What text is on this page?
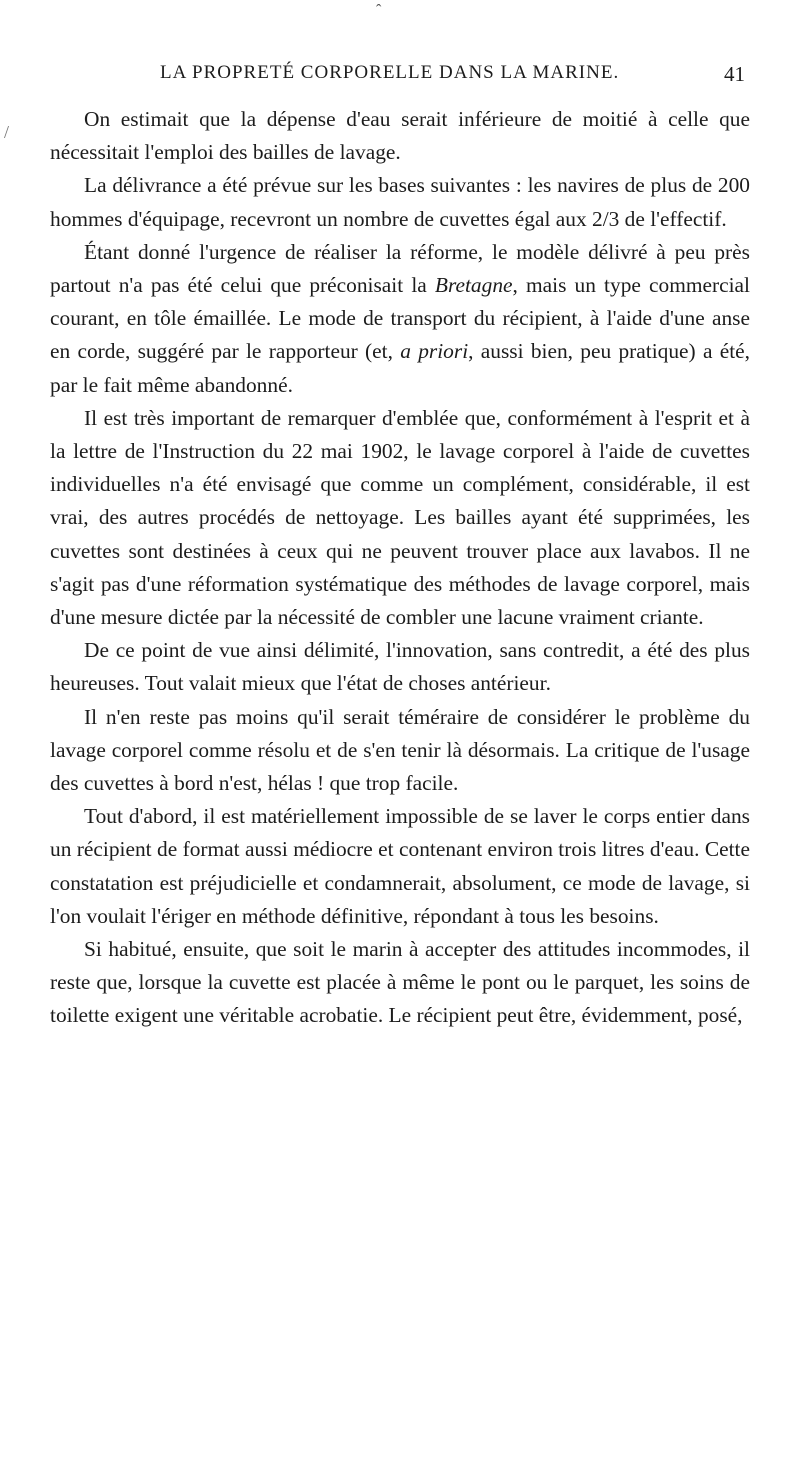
ˆ
/
LA PROPRETÉ CORPORELLE DANS LA MARINE.	41

On estimait que la dépense d'eau serait inférieure de moitié à celle que nécessitait l'emploi des bailles de lavage.

La délivrance a été prévue sur les bases suivantes : les navires de plus de 200 hommes d'équipage, recevront un nombre de cuvettes égal aux 2/3 de l'effectif.

Étant donné l'urgence de réaliser la réforme, le modèle délivré à peu près partout n'a pas été celui que préconisait la Bretagne, mais un type commercial courant, en tôle émaillée. Le mode de transport du récipient, à l'aide d'une anse en corde, suggéré par le rapporteur (et, a priori, aussi bien, peu pratique) a été, par le fait même abandonné.

Il est très important de remarquer d'emblée que, conformément à l'esprit et à la lettre de l'Instruction du 22 mai 1902, le lavage corporel à l'aide de cuvettes individuelles n'a été envisagé que comme un complément, considérable, il est vrai, des autres procédés de nettoyage. Les bailles ayant été supprimées, les cuvettes sont destinées à ceux qui ne peuvent trouver place aux lavabos. Il ne s'agit pas d'une réformation systématique des méthodes de lavage corporel, mais d'une mesure dictée par la nécessité de combler une lacune vraiment criante.

De ce point de vue ainsi délimité, l'innovation, sans contredit, a été des plus heureuses. Tout valait mieux que l'état de choses antérieur.

Il n'en reste pas moins qu'il serait téméraire de considérer le problème du lavage corporel comme résolu et de s'en tenir là désormais. La critique de l'usage des cuvettes à bord n'est, hélas ! que trop facile.

Tout d'abord, il est matériellement impossible de se laver le corps entier dans un récipient de format aussi médiocre et contenant environ trois litres d'eau. Cette constatation est préjudicielle et condamnerait, absolument, ce mode de lavage, si l'on voulait l'ériger en méthode définitive, répondant à tous les besoins.

Si habitué, ensuite, que soit le marin à accepter des attitudes incommodes, il reste que, lorsque la cuvette est placée à même le pont ou le parquet, les soins de toilette exigent une véritable acrobatie. Le récipient peut être, évidemment, posé,
